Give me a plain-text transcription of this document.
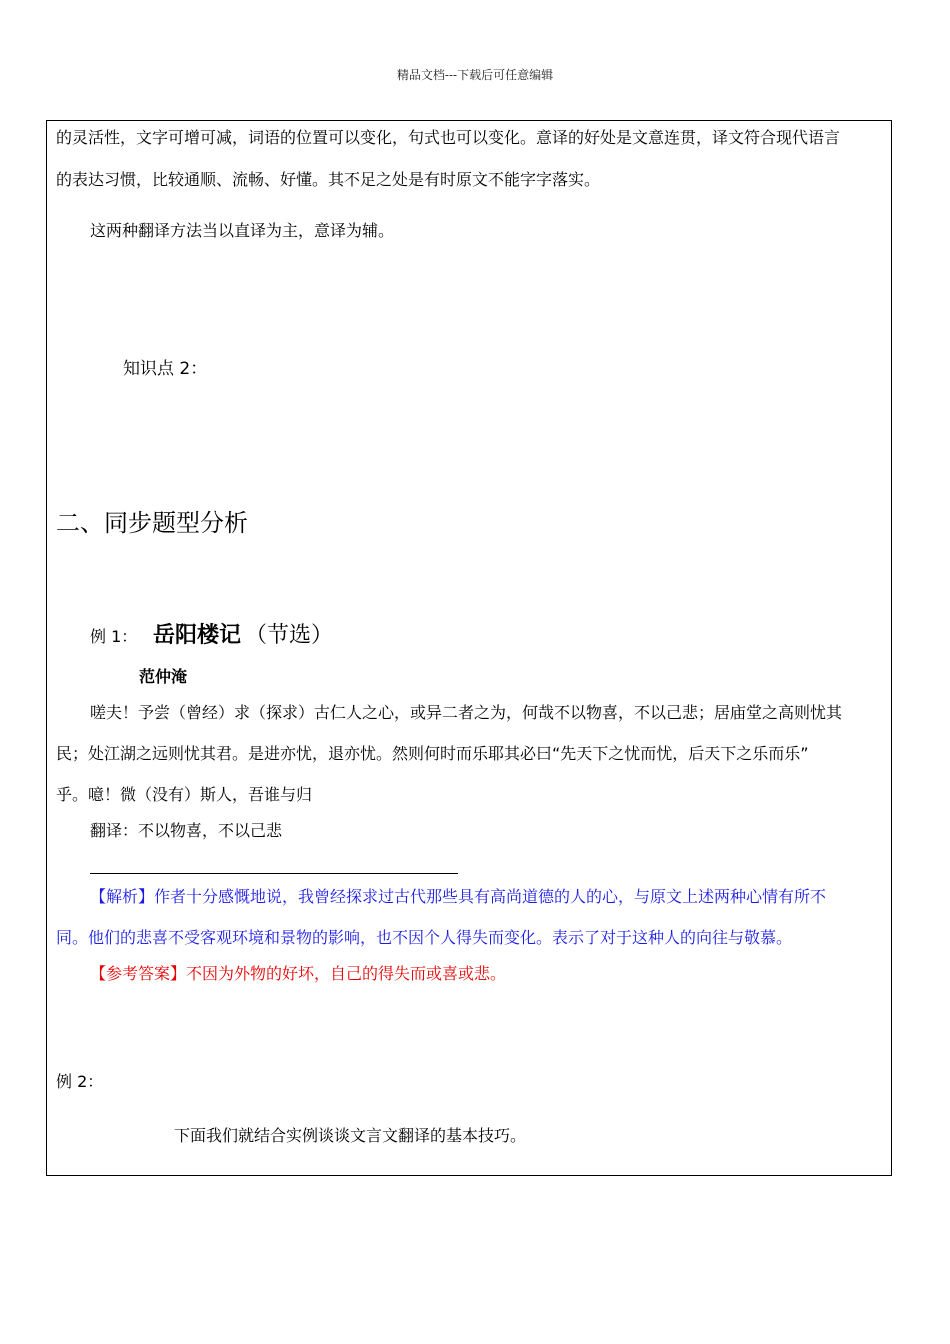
精品文档---下载后可任意编辑
的灵活性，文字可增可减，词语的位置可以变化，句式也可以变化。意译的好处是文意连贯，译文符合现代语言
的表达习惯，比较通顺、流畅、好懂。其不足之处是有时原文不能字字落实。
这两种翻译方法当以直译为主，意译为辅。
知识点 2：
二、同步题型分析
例 1： 岳阳楼记 （节选）
范仲淹
嗟夫！予尝（曾经）求（探求）古仁人之心，或异二者之为，何哉不以物喜，不以己悲；居庙堂之高则忧其
民；处江湖之远则忧其君。是进亦忧，退亦忧。然则何时而乐耶其必曰“先天下之忧而忧，后天下之乐而乐”
乎。噫！微（没有）斯人，吾谁与归
翻译：不以物喜，不以己悲
【解析】作者十分感慨地说，我曾经探求过古代那些具有高尚道德的人的心，与原文上述两种心情有所不
同。他们的悲喜不受客观环境和景物的影响，也不因个人得失而变化。表示了对于这种人的向往与敬慕。
【参考答案】不因为外物的好坏，自己的得失而或喜或悲。
例 2：
下面我们就结合实例谈谈文言文翻译的基本技巧。
